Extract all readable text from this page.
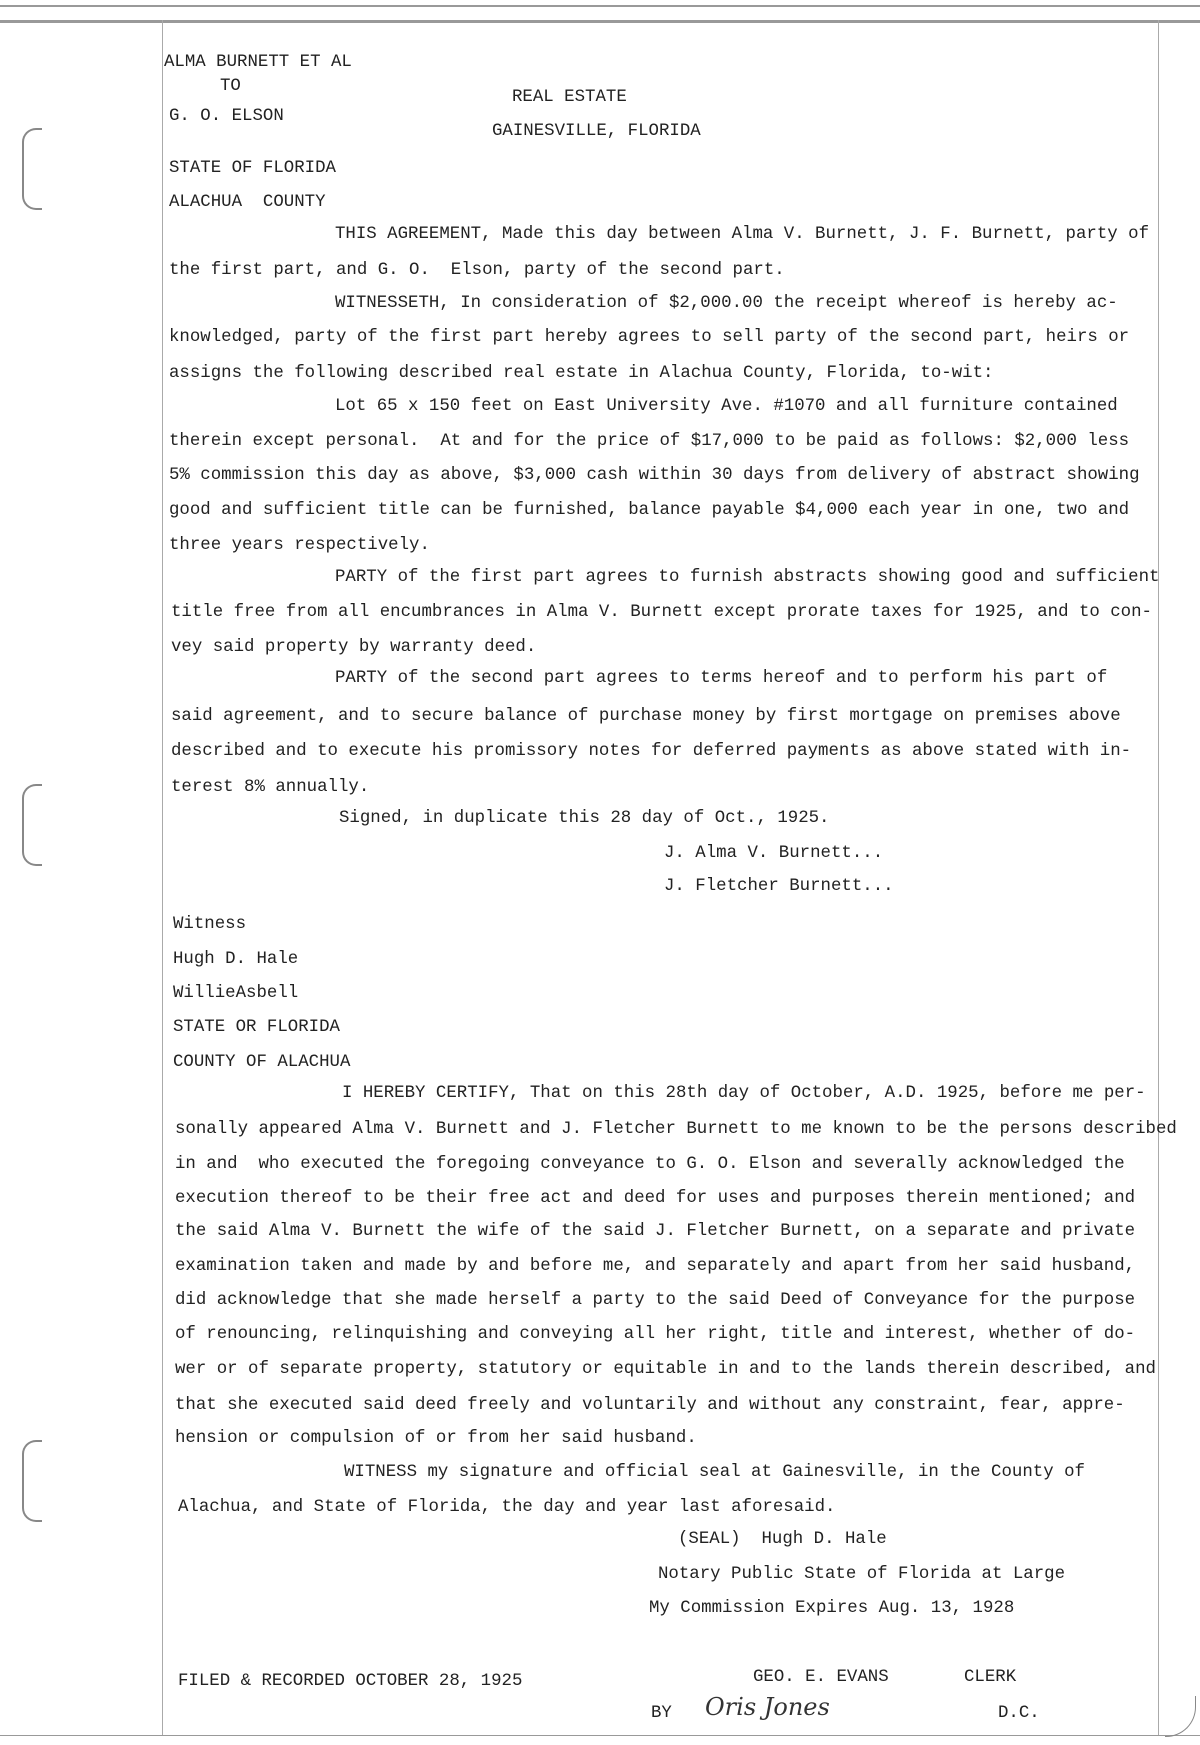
ALMA BURNETT ET AL
TO
G. O. ELSON
REAL ESTATE
GAINESVILLE, FLORIDA
STATE OF FLORIDA
ALACHUA  COUNTY
THIS AGREEMENT, Made this day between Alma V. Burnett, J. F. Burnett, party of
the first part, and G. O.  Elson, party of the second part.
WITNESSETH, In consideration of $2,000.00 the receipt whereof is hereby ac-
knowledged, party of the first part hereby agrees to sell party of the second part, heirs or
assigns the following described real estate in Alachua County, Florida, to-wit:
Lot 65 x 150 feet on East University Ave. #1070 and all furniture contained
therein except personal.  At and for the price of $17,000 to be paid as follows: $2,000 less
5% commission this day as above, $3,000 cash within 30 days from delivery of abstract showing
good and sufficient title can be furnished, balance payable $4,000 each year in one, two and
three years respectively.
PARTY of the first part agrees to furnish abstracts showing good and sufficient
title free from all encumbrances in Alma V. Burnett except prorate taxes for 1925, and to con-
vey said property by warranty deed.
PARTY of the second part agrees to terms hereof and to perform his part of
said agreement, and to secure balance of purchase money by first mortgage on premises above
described and to execute his promissory notes for deferred payments as above stated with in-
terest 8% annually.
Signed, in duplicate this 28 day of Oct., 1925.
J. Alma V. Burnett...
J. Fletcher Burnett...
Witness
Hugh D. Hale
WillieAsbell
STATE OR FLORIDA
COUNTY OF ALACHUA
I HEREBY CERTIFY, That on this 28th day of October, A.D. 1925, before me per-
sonally appeared Alma V. Burnett and J. Fletcher Burnett to me known to be the persons described
in and  who executed the foregoing conveyance to G. O. Elson and severally acknowledged the
execution thereof to be their free act and deed for uses and purposes therein mentioned; and
the said Alma V. Burnett the wife of the said J. Fletcher Burnett, on a separate and private
examination taken and made by and before me, and separately and apart from her said husband,
did acknowledge that she made herself a party to the said Deed of Conveyance for the purpose
of renouncing, relinquishing and conveying all her right, title and interest, whether of do-
wer or of separate property, statutory or equitable in and to the lands therein described, and
that she executed said deed freely and voluntarily and without any constraint, fear, appre-
hension or compulsion of or from her said husband.
WITNESS my signature and official seal at Gainesville, in the County of
Alachua, and State of Florida, the day and year last aforesaid.
(SEAL)  Hugh D. Hale
Notary Public State of Florida at Large
My Commission Expires Aug. 13, 1928
FILED & RECORDED OCTOBER 28, 1925	GEO. E. EVANS	CLERK
BY	D.C.
Oris Jones
